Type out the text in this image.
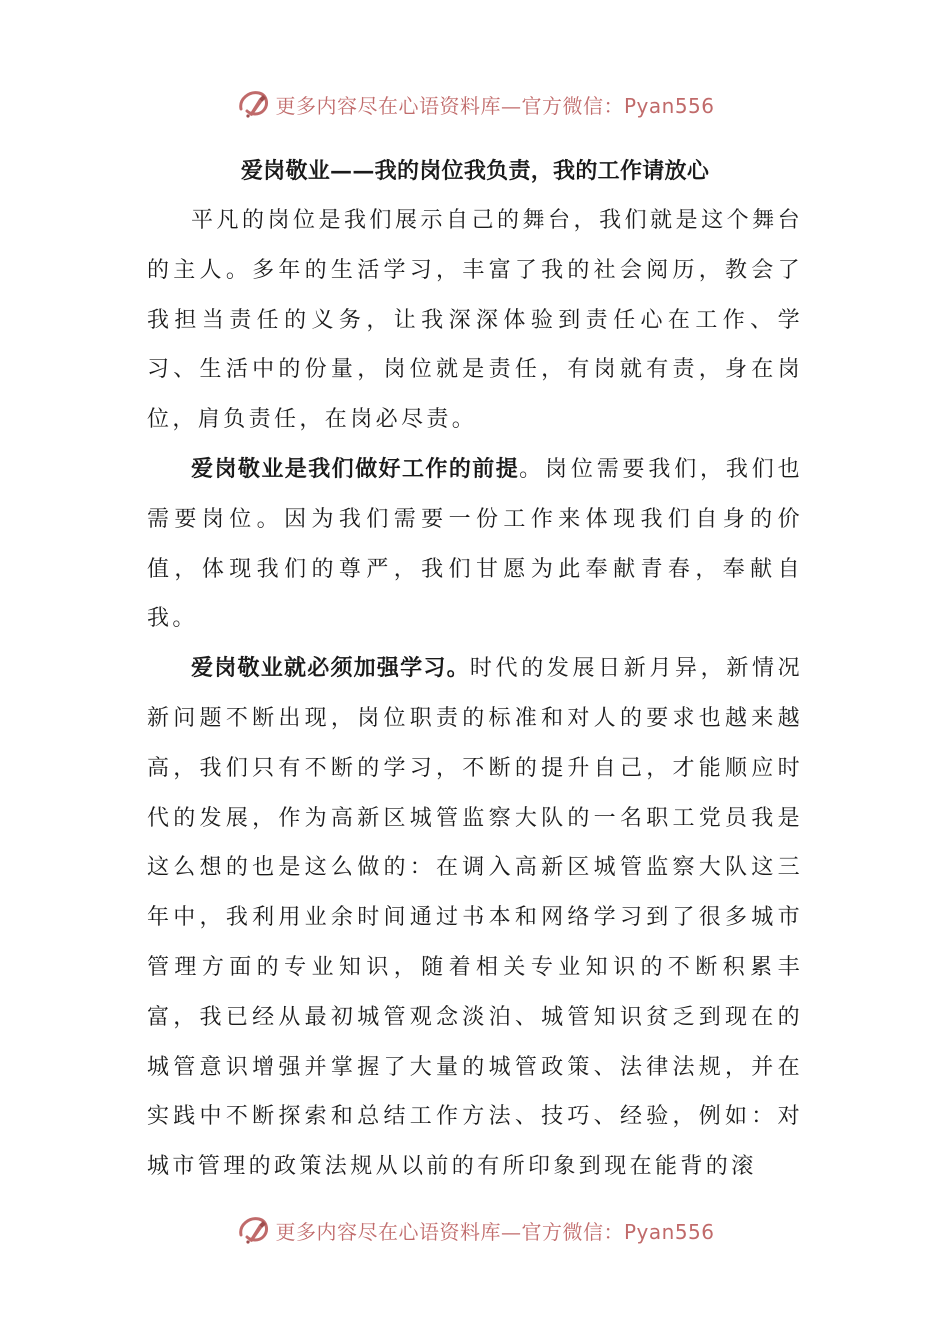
更多内容尽在心语资料库—官方微信：Pyan556
爱岗敬业——我的岗位我负责，我的工作请放心

平凡的岗位是我们展示自己的舞台，我们就是这个舞台的主人。多年的生活学习，丰富了我的社会阅历，教会了我担当责任的义务，让我深深体验到责任心在工作、学习、生活中的份量，岗位就是责任，有岗就有责，身在岗位，肩负责任，在岗必尽责。

爱岗敬业是我们做好工作的前提。岗位需要我们，我们也需要岗位。因为我们需要一份工作来体现我们自身的价值，体现我们的尊严，我们甘愿为此奉献青春，奉献自我。

爱岗敬业就必须加强学习。时代的发展日新月异，新情况新问题不断出现，岗位职责的标准和对人的要求也越来越高，我们只有不断的学习，不断的提升自己，才能顺应时代的发展，作为高新区城管监察大队的一名职工党员我是这么想的也是这么做的：在调入高新区城管监察大队这三年中，我利用业余时间通过书本和网络学习到了很多城市管理方面的专业知识，随着相关专业知识的不断积累丰富，我已经从最初城管观念淡泊、城管知识贫乏到现在的城管意识增强并掌握了大量的城管政策、法律法规，并在实践中不断探索和总结工作方法、技巧、经验，例如：对城市管理的政策法规从以前的有所印象到现在能背的滚

更多内容尽在心语资料库—官方微信：Pyan556
